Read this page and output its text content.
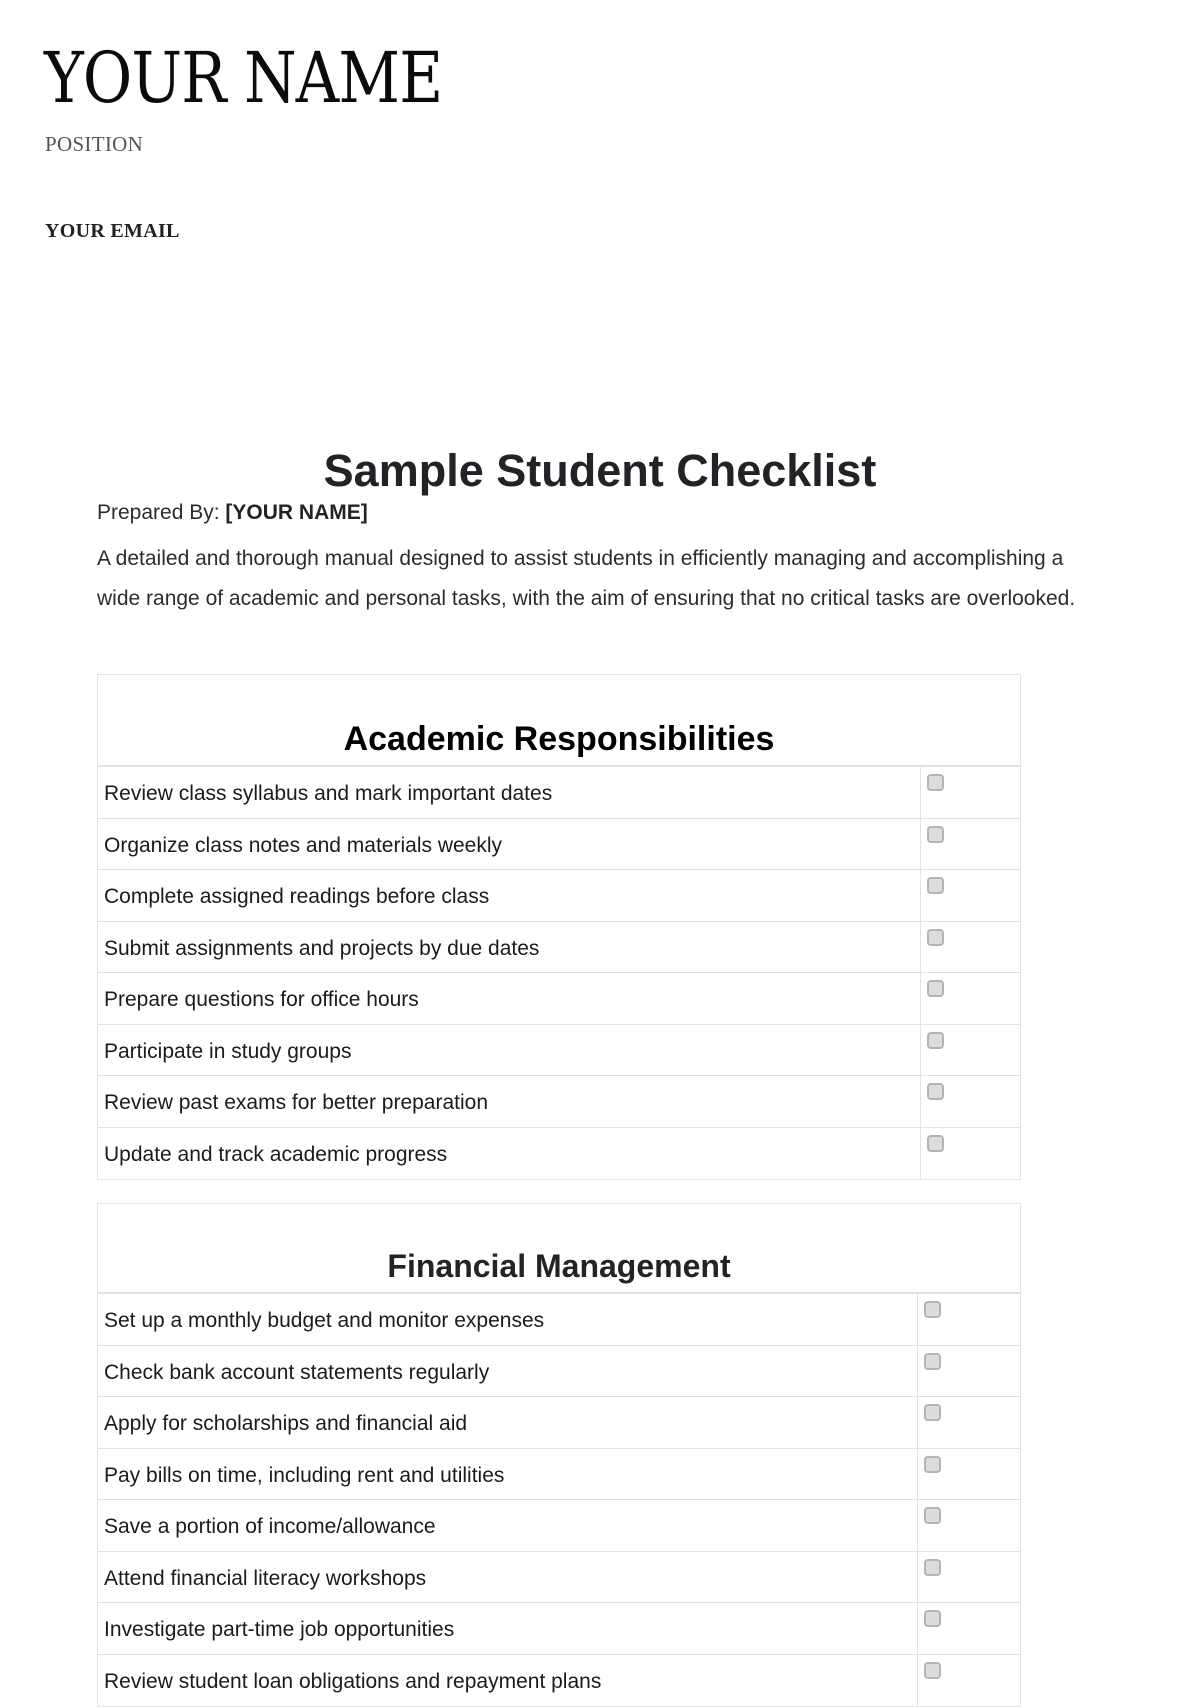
YOUR NAME

POSITION

YOUR EMAIL

Sample Student Checklist

Prepared By: [YOUR NAME]

A detailed and thorough manual designed to assist students in efficiently managing and accomplishing a wide range of academic and personal tasks, with the aim of ensuring that no critical tasks are overlooked.

Academic Responsibilities
Review class syllabus and mark important dates
Organize class notes and materials weekly
Complete assigned readings before class
Submit assignments and projects by due dates
Prepare questions for office hours
Participate in study groups
Review past exams for better preparation
Update and track academic progress
Financial Management
Set up a monthly budget and monitor expenses
Check bank account statements regularly
Apply for scholarships and financial aid
Pay bills on time, including rent and utilities
Save a portion of income/allowance
Attend financial literacy workshops
Investigate part-time job opportunities
Review student loan obligations and repayment plans
